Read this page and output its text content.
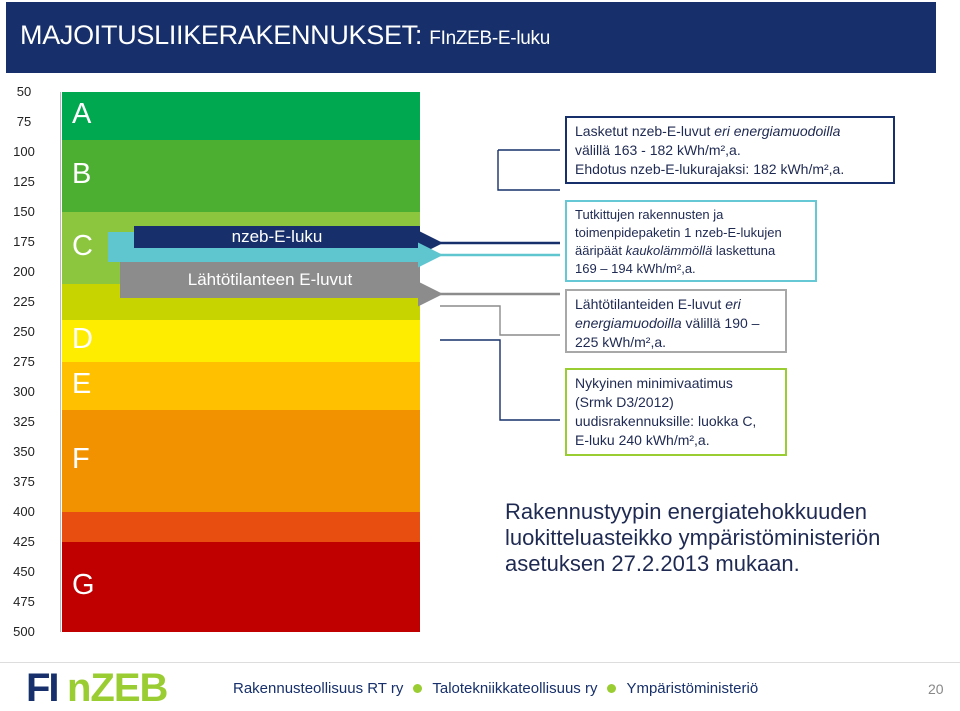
MAJOITUSLIIKERAKENNUKSET: FInZEB-E-luku
50
75
100
125
150
175
200
225
250
275
300
325
350
375
400
425
450
475
500
A
B
C
D
E
F
G
nzeb-E-luku
Lähtötilanteen E-luvut
Lasketut nzeb-E-luvut eri energiamuodoilla
välillä 163 - 182 kWh/m²,a.
Ehdotus nzeb-E-lukurajaksi: 182 kWh/m²,a.
Tutkittujen rakennusten ja
toimenpidepaketin 1 nzeb-E-lukujen
ääripäät kaukolämmöllä laskettuna
169 – 194 kWh/m²,a.
Lähtötilanteiden E-luvut eri
energiamuodoilla välillä 190 –
225 kWh/m²,a.
Nykyinen minimivaatimus
(Srmk D3/2012)
uudisrakennuksille: luokka C,
E-luku 240 kWh/m²,a.
Rakennustyypin energiatehokkuuden luokitteluasteikko ympäristöministeriön asetuksen 27.2.2013 mukaan.
FI nZEB	Rakennusteollisuus RT ry Talotekniikkateollisuus ry Ympäristöministeriö	20
